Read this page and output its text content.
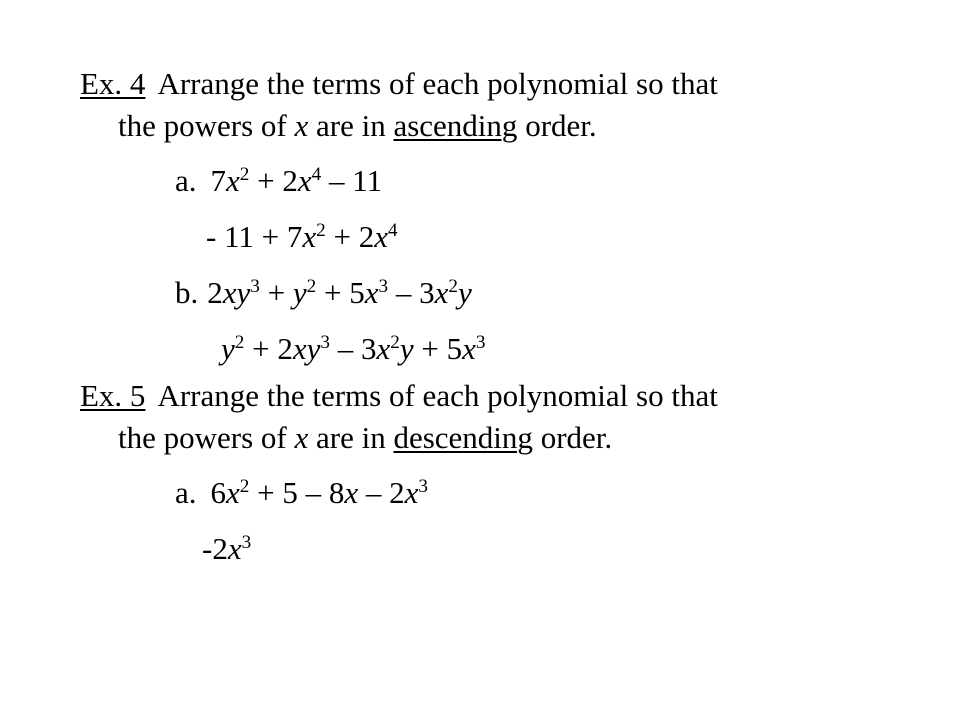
Ex. 4 Arrange the terms of each polynomial so that
the powers of x are in ascending order.
a. $7x^2 + 2x^4 - 11$
- $11 + 7x^2 + 2x^4$
b. $2xy^3 + y^2 + 5x^3 - 3x^2y$
$y^2 + 2xy^3 - 3x^2y + 5x^3$
Ex. 5 Arrange the terms of each polynomial so that
the powers of x are in descending order.
a. $6x^2 + 5 - 8x - 2x^3$
$-2x^3$
